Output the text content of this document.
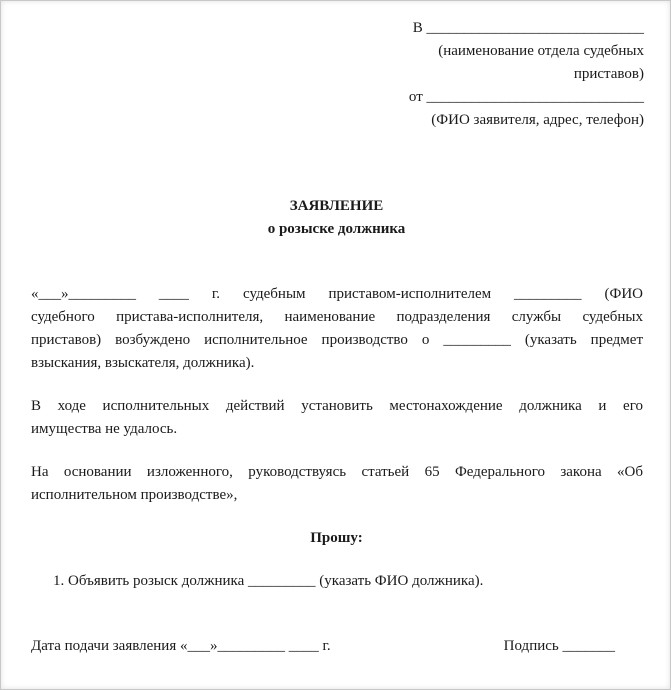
В _____________________________
(наименование отдела судебных
приставов)
от _____________________________
(ФИО заявителя, адрес, телефон)
ЗАЯВЛЕНИЕ
о розыске должника
«___»_________ ____ г. судебным приставом-исполнителем _________ (ФИО
судебного пристава-исполнителя, наименование подразделения службы судебных
приставов) возбуждено исполнительное производство о _________ (указать предмет
взыскания, взыскателя, должника).
В ходе исполнительных действий установить местонахождение должника и его
имущества не удалось.
На основании изложенного, руководствуясь статьей 65 Федерального закона «Об
исполнительном производстве»,
Прошу:
1. Объявить розыск должника _________ (указать ФИО должника).
Дата подачи заявления «___»_________ ____ г.	Подпись _______
